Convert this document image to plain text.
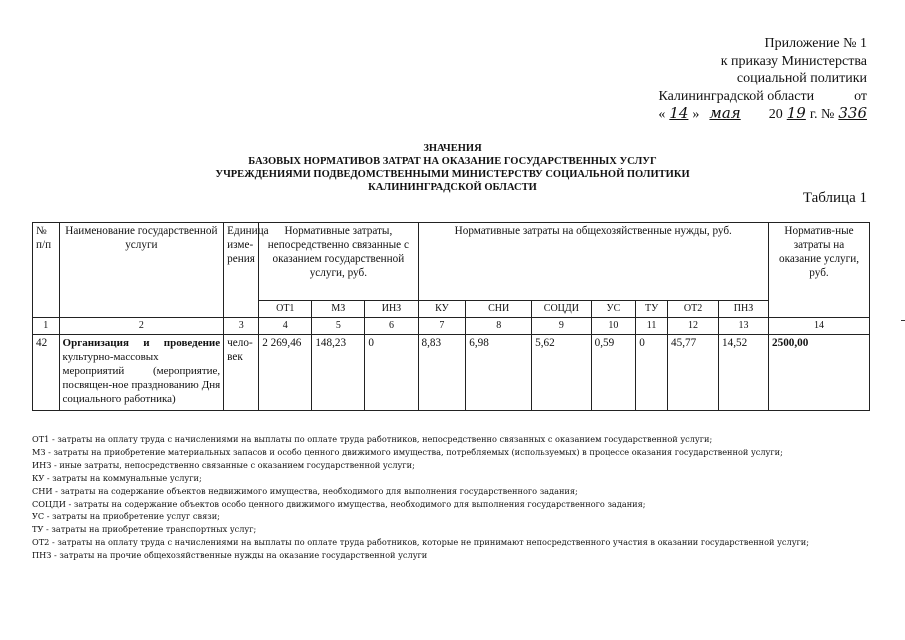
Приложение № 1
к приказу Министерства
социальной политики
Калининградской области	от
« 14 » мая	20 19 г. № 336
ЗНАЧЕНИЯ
БАЗОВЫХ НОРМАТИВОВ ЗАТРАТ НА ОКАЗАНИЕ ГОСУДАРСТВЕННЫХ УСЛУГ
УЧРЕЖДЕНИЯМИ ПОДВЕДОМСТВЕННЫМИ МИНИСТЕРСТВУ СОЦИАЛЬНОЙ ПОЛИТИКИ
КАЛИНИНГРАДСКОЙ ОБЛАСТИ
Таблица 1
№ п/п	Наименование государственной услуги	Единица изме-рения	Нормативные затраты, непосредственно связанные с оказанием государственной услуги, руб.			Нормативные затраты на общехозяйственные нужды, руб.							Норматив-ные затраты на оказание услуги, руб.
			ОТ1	МЗ	ИНЗ	КУ	СНИ	СОЦДИ	УС	ТУ	ОТ2	ПНЗ	
1	2	3	4	5	6	7	8	9	10	11	12	13	14
42	Организация и проведение культурно-массовых мероприятий (мероприятие, посвящен-ное празднованию Дня социального работника)	чело-век	2 269,46	148,23	0	8,83	6,98	5,62	0,59	0	45,77	14,52	2500,00
ОТ1 - затраты на оплату труда с начислениями на выплаты по оплате труда работников, непосредственно связанных с оказанием государственной услуги;
МЗ - затраты на приобретение материальных запасов и особо ценного движимого имущества, потребляемых (используемых) в процессе оказания государственной услуги;
ИНЗ - иные затраты, непосредственно связанные с оказанием государственной услуги;
КУ - затраты на коммунальные услуги;
СНИ - затраты на содержание объектов недвижимого имущества, необходимого для выполнения государственного задания;
СОЦДИ - затраты на содержание объектов особо ценного движимого имущества, необходимого для выполнения государственного задания;
УС - затраты на приобретение услуг связи;
ТУ - затраты на приобретение транспортных услуг;
ОТ2 - затраты на оплату труда с начислениями на выплаты по оплате труда работников, которые не принимают непосредственного участия в оказании государственной услуги;
ПНЗ - затраты на прочие общехозяйственные нужды на оказание государственной услуги
